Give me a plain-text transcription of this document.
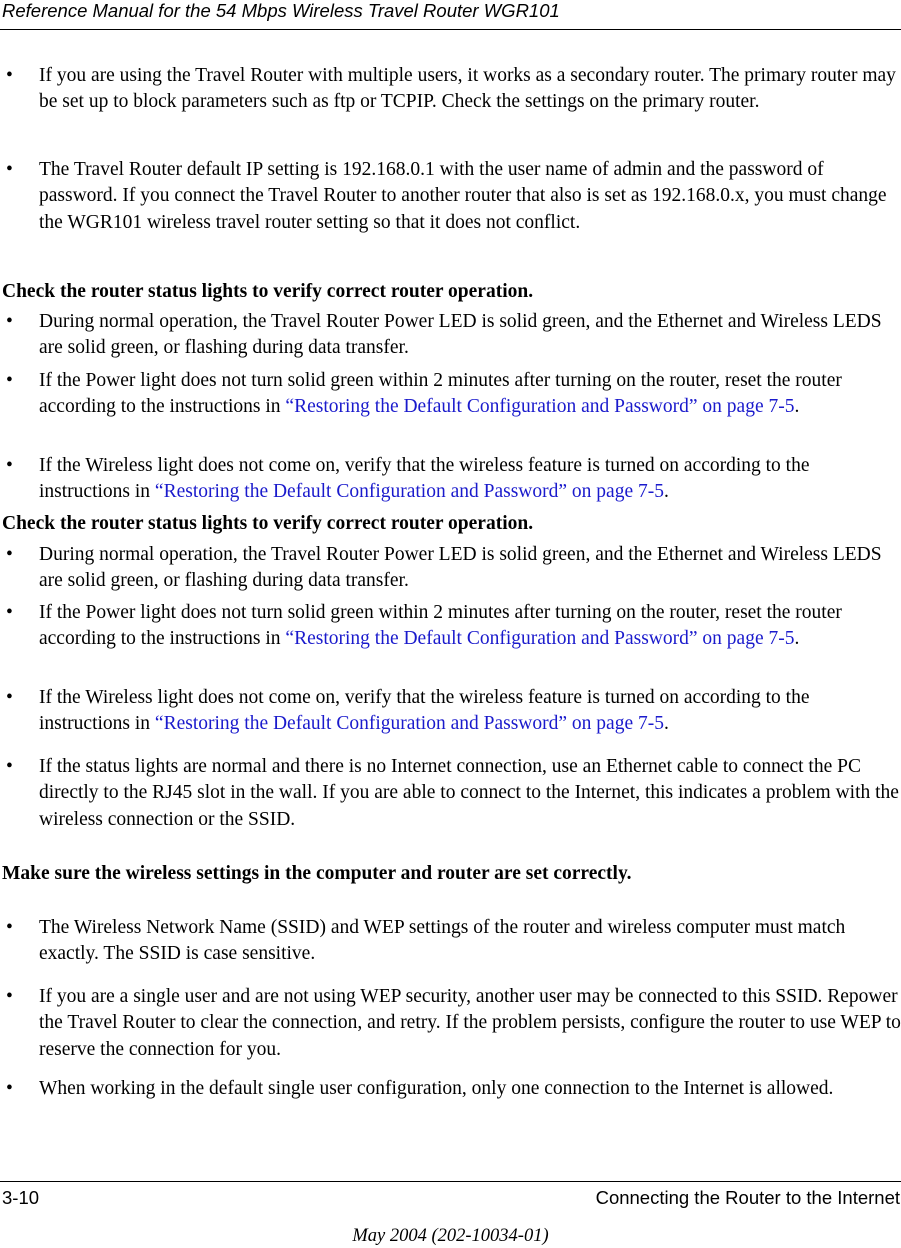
Reference Manual for the 54 Mbps Wireless Travel Router WGR101
• If you are using the Travel Router with multiple users, it works as a secondary router. The primary router may be set up to block parameters such as ftp or TCPIP. Check the settings on the primary router.
• The Travel Router default IP setting is 192.168.0.1 with the user name of admin and the password of password. If you connect the Travel Router to another router that also is set as 192.168.0.x, you must change the WGR101 wireless travel router setting so that it does not conflict.
Check the router status lights to verify correct router operation.
• During normal operation, the Travel Router Power LED is solid green, and the Ethernet and Wireless LEDS are solid green, or flashing during data transfer.
• If the Power light does not turn solid green within 2 minutes after turning on the router, reset the router according to the instructions in “Restoring the Default Configuration and Password” on page 7-5.
• If the Wireless light does not come on, verify that the wireless feature is turned on according to the instructions in “Restoring the Default Configuration and Password” on page 7-5.
Check the router status lights to verify correct router operation.
• During normal operation, the Travel Router Power LED is solid green, and the Ethernet and Wireless LEDS are solid green, or flashing during data transfer.
• If the Power light does not turn solid green within 2 minutes after turning on the router, reset the router according to the instructions in “Restoring the Default Configuration and Password” on page 7-5.
• If the Wireless light does not come on, verify that the wireless feature is turned on according to the instructions in “Restoring the Default Configuration and Password” on page 7-5.
• If the status lights are normal and there is no Internet connection, use an Ethernet cable to connect the PC directly to the RJ45 slot in the wall. If you are able to connect to the Internet, this indicates a problem with the wireless connection or the SSID.
Make sure the wireless settings in the computer and router are set correctly.
• The Wireless Network Name (SSID) and WEP settings of the router and wireless computer must match exactly. The SSID is case sensitive.
• If you are a single user and are not using WEP security, another user may be connected to this SSID. Repower the Travel Router to clear the connection, and retry. If the problem persists, configure the router to use WEP to reserve the connection for you.
• When working in the default single user configuration, only one connection to the Internet is allowed.
3-10	Connecting the Router to the Internet
May 2004 (202-10034-01)
